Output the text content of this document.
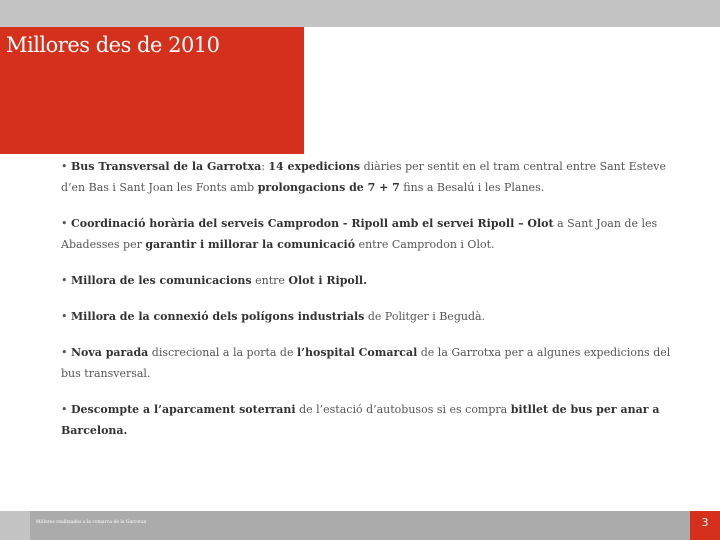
Millores des de 2010
• Bus Transversal de la Garrotxa: 14 expedicions diàries per sentit en el tram central entre Sant Esteve d’en Bas i Sant Joan les Fonts amb prolongacions de 7 + 7 fins a Besalú i les Planes.
• Coordinació horària del serveis Camprodon - Ripoll amb el servei Ripoll – Olot a Sant Joan de les Abadesses per garantir i millorar la comunicació entre Camprodon i Olot.
• Millora de les comunicacions entre Olot i Ripoll.
• Millora de la connexió dels polígons industrials de Politger i Begudà.
• Nova parada discrecional a la porta de l’hospital Comarcal de la Garrotxa per a algunes expedicions del bus transversal.
• Descompte a l’aparcament soterrani de l’estació d’autobusos si es compra bitllet de bus per anar a Barcelona.
Millores realitzades a la comarca de la Garrotxa	3
